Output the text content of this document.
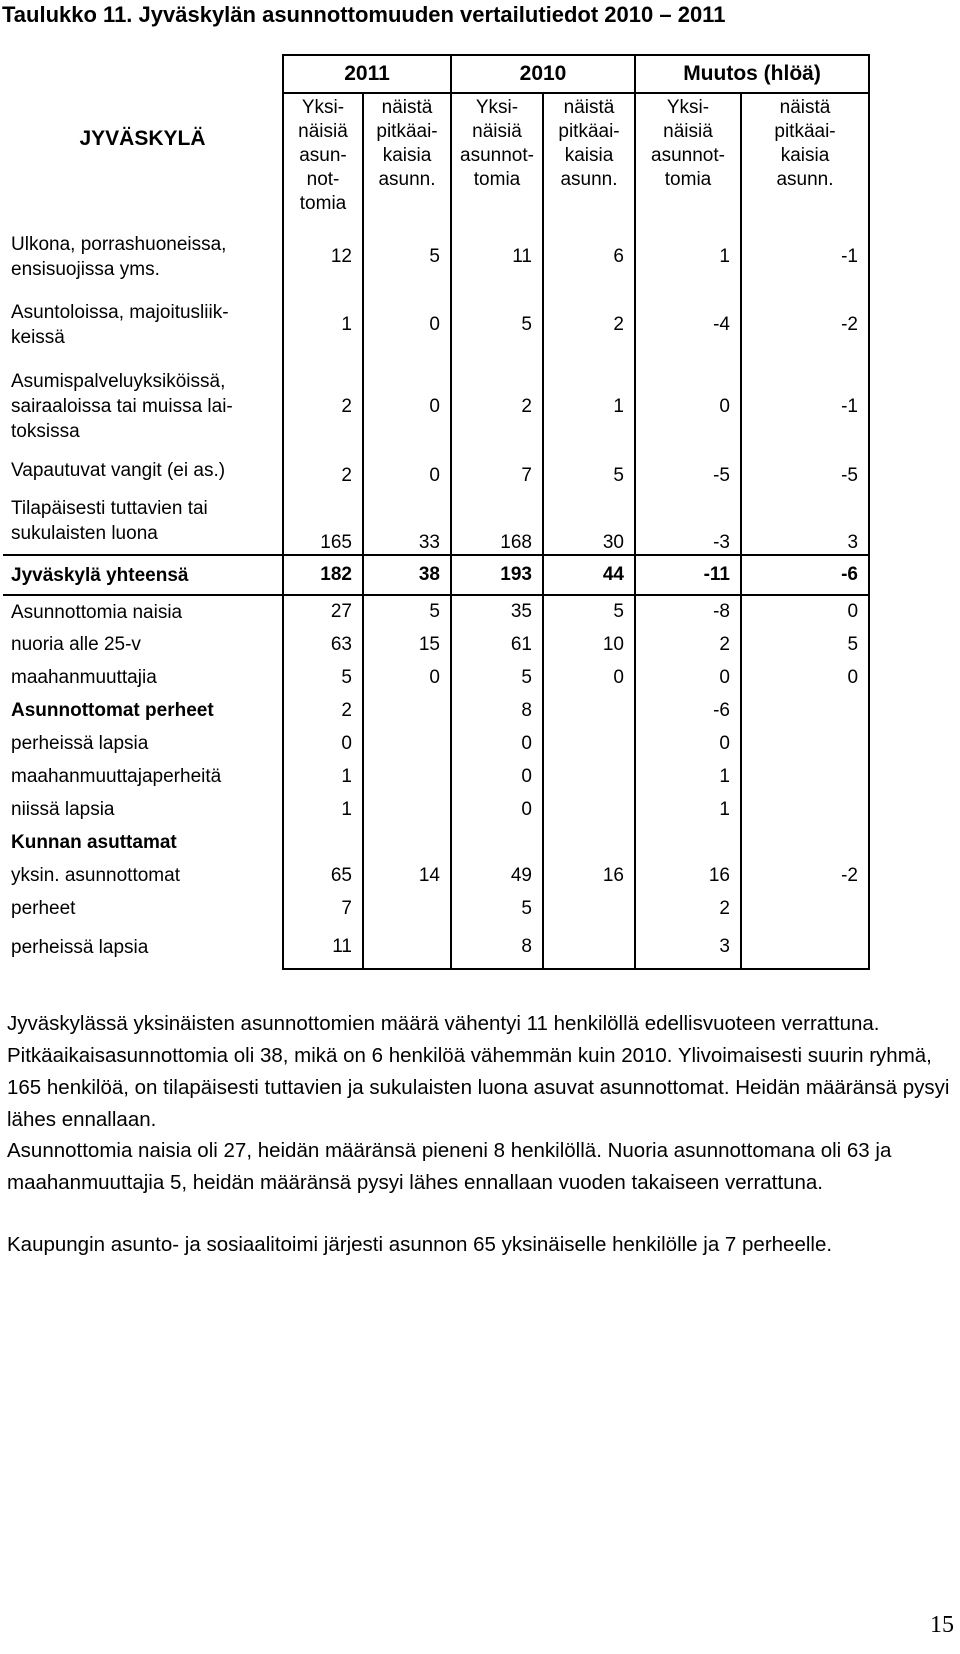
Taulukko 11. Jyväskylän asunnottomuuden vertailutiedot 2010 – 2011
JYVÄSKYLÄ	2011		2010		Muutos (hlöä)	
	Yksi-
näisiä
asun-
not-
tomia	näistä
pitkäai-
kaisia
asunn.	Yksi-
näisiä
asunnot-
tomia	näistä
pitkäai-
kaisia
asunn.	Yksi-
näisiä
asunnot-
tomia	näistä
pitkäai-
kaisia
asunn.
Ulkona, porrashuoneissa,
ensisuojissa yms.	12	5	11	6	1	-1
Asuntoloissa, majoitusliik-
keissä	1	0	5	2	-4	-2
Asumispalveluyksiköissä,
sairaaloissa tai muissa lai-
toksissa	2	0	2	1	0	-1
Vapautuvat vangit (ei as.)	2	0	7	5	-5	-5
Tilapäisesti tuttavien tai
sukulaisten luona	165	33	168	30	-3	3
Jyväskylä yhteensä	182	38	193	44	-11	-6
Asunnottomia naisia	27	5	35	5	-8	0
nuoria alle 25-v	63	15	61	10	2	5
maahanmuuttajia	5	0	5	0	0	0
Asunnottomat perheet	2		8		-6	
perheissä lapsia	0		0		0	
maahanmuuttajaperheitä	1		0		1	
niissä lapsia	1		0		1	
Kunnan asuttamat						
yksin. asunnottomat	65	14	49	16	16	-2
perheet	7		5		2	
perheissä lapsia	11		8		3	

Jyväskylässä yksinäisten asunnottomien määrä vähentyi 11 henkilöllä edellisvuoteen verrattuna. Pitkäaikaisasunnottomia oli 38, mikä on 6 henkilöä vähemmän kuin 2010. Ylivoimaisesti suurin ryhmä, 165 henkilöä, on tilapäisesti tuttavien ja sukulaisten luona asuvat asunnottomat. Heidän määränsä pysyi lähes ennallaan.

Asunnottomia naisia oli 27, heidän määränsä pieneni 8 henkilöllä. Nuoria asunnottomana oli 63 ja maahanmuuttajia 5, heidän määränsä pysyi lähes ennallaan vuoden takaiseen verrattuna.

Kaupungin asunto- ja sosiaalitoimi järjesti asunnon 65 yksinäiselle henkilölle ja 7 perheelle.

15
